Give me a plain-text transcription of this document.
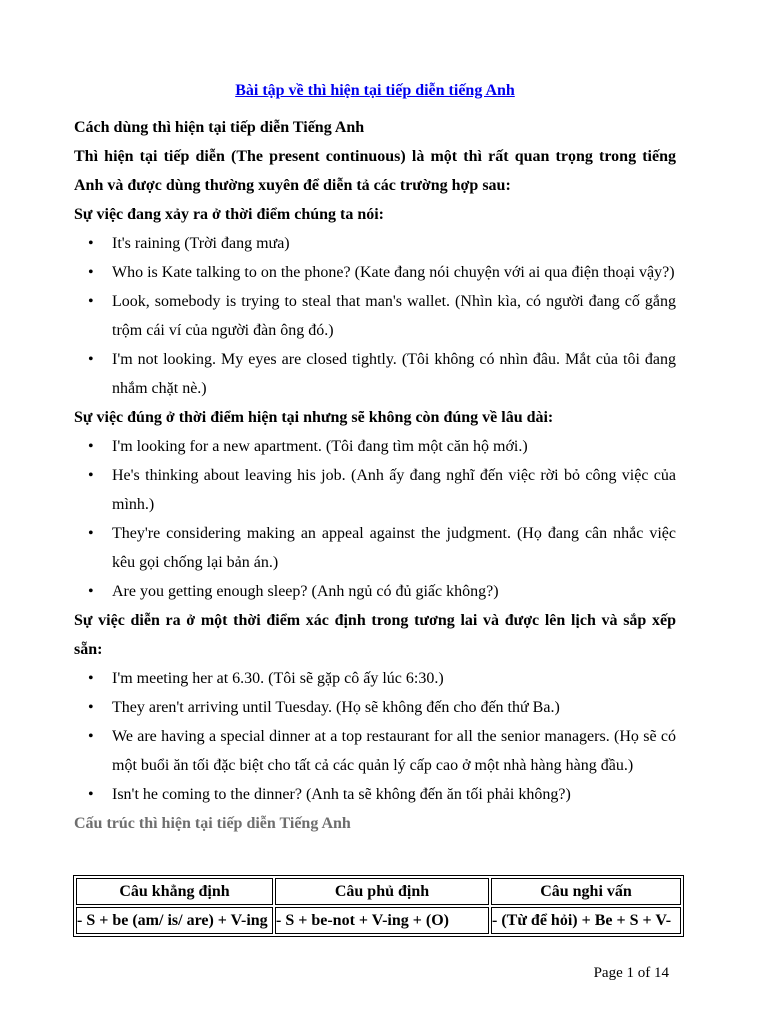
Bài tập về thì hiện tại tiếp diễn tiếng Anh

Cách dùng thì hiện tại tiếp diễn Tiếng Anh

Thì hiện tại tiếp diễn (The present continuous) là một thì rất quan trọng trong tiếng Anh và được dùng thường xuyên để diễn tả các trường hợp sau:

Sự việc đang xảy ra ở thời điểm chúng ta nói:

• It's raining (Trời đang mưa)
• Who is Kate talking to on the phone? (Kate đang nói chuyện với ai qua điện thoại vậy?)
• Look, somebody is trying to steal that man's wallet. (Nhìn kìa, có người đang cố gắng trộm cái ví của người đàn ông đó.)
• I'm not looking. My eyes are closed tightly. (Tôi không có nhìn đâu. Mắt của tôi đang nhắm chặt nè.)

Sự việc đúng ở thời điểm hiện tại nhưng sẽ không còn đúng về lâu dài:

• I'm looking for a new apartment. (Tôi đang tìm một căn hộ mới.)
• He's thinking about leaving his job. (Anh ấy đang nghĩ đến việc rời bỏ công việc của mình.)
• They're considering making an appeal against the judgment. (Họ đang cân nhắc việc kêu gọi chống lại bản án.)
• Are you getting enough sleep? (Anh ngủ có đủ giấc không?)

Sự việc diễn ra ở một thời điểm xác định trong tương lai và được lên lịch và sắp xếp sẵn:

• I'm meeting her at 6.30. (Tôi sẽ gặp cô ấy lúc 6:30.)
• They aren't arriving until Tuesday. (Họ sẽ không đến cho đến thứ Ba.)
• We are having a special dinner at a top restaurant for all the senior managers. (Họ sẽ có một buổi ăn tối đặc biệt cho tất cả các quản lý cấp cao ở một nhà hàng hàng đầu.)
• Isn't he coming to the dinner? (Anh ta sẽ không đến ăn tối phải không?)

Cấu trúc thì hiện tại tiếp diễn Tiếng Anh

Câu khẳng định	Câu phủ định	Câu nghi vấn
- S + be (am/ is/ are) + V-ing	- S + be-not + V-ing + (O)	- (Từ để hỏi) + Be + S + V-
Page 1 of 14
